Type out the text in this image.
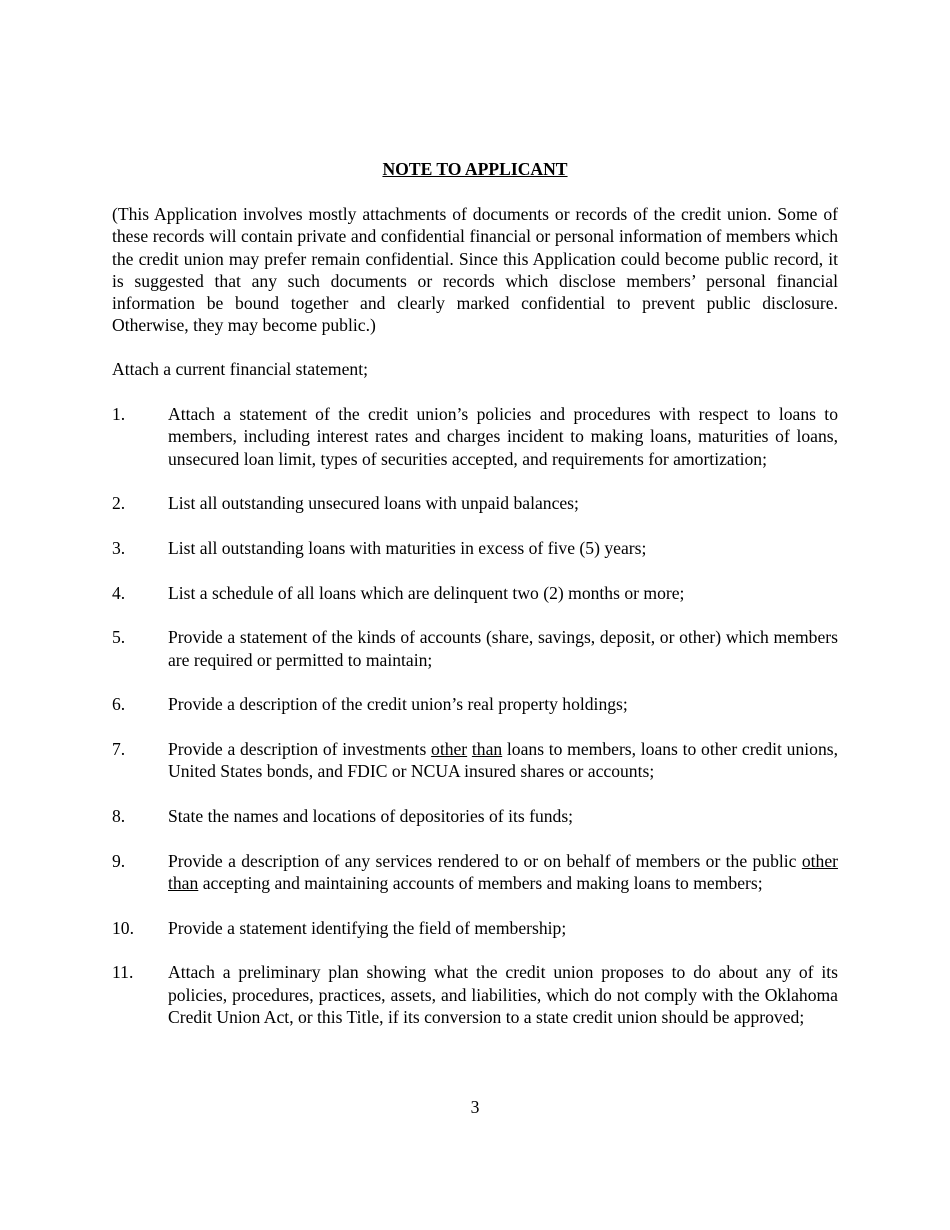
NOTE TO APPLICANT

(This Application involves mostly attachments of documents or records of the credit union. Some of these records will contain private and confidential financial or personal information of members which the credit union may prefer remain confidential. Since this Application could become public record, it is suggested that any such documents or records which disclose members’ personal financial information be bound together and clearly marked confidential to prevent public disclosure. Otherwise, they may become public.)

Attach a current financial statement;

1.	Attach a statement of the credit union’s policies and procedures with respect to loans to members, including interest rates and charges incident to making loans, maturities of loans, unsecured loan limit, types of securities accepted, and requirements for amortization;
2.	List all outstanding unsecured loans with unpaid balances;
3.	List all outstanding loans with maturities in excess of five (5) years;
4.	List a schedule of all loans which are delinquent two (2) months or more;
5.	Provide a statement of the kinds of accounts (share, savings, deposit, or other) which members are required or permitted to maintain;
6.	Provide a description of the credit union’s real property holdings;
7.	Provide a description of investments other than loans to members, loans to other credit unions, United States bonds, and FDIC or NCUA insured shares or accounts;
8.	State the names and locations of depositories of its funds;
9.	Provide a description of any services rendered to or on behalf of members or the public other than accepting and maintaining accounts of members and making loans to members;
10.	Provide a statement identifying the field of membership;
11.	Attach a preliminary plan showing what the credit union proposes to do about any of its policies, procedures, practices, assets, and liabilities, which do not comply with the Oklahoma Credit Union Act, or this Title, if its conversion to a state credit union should be approved;

3
